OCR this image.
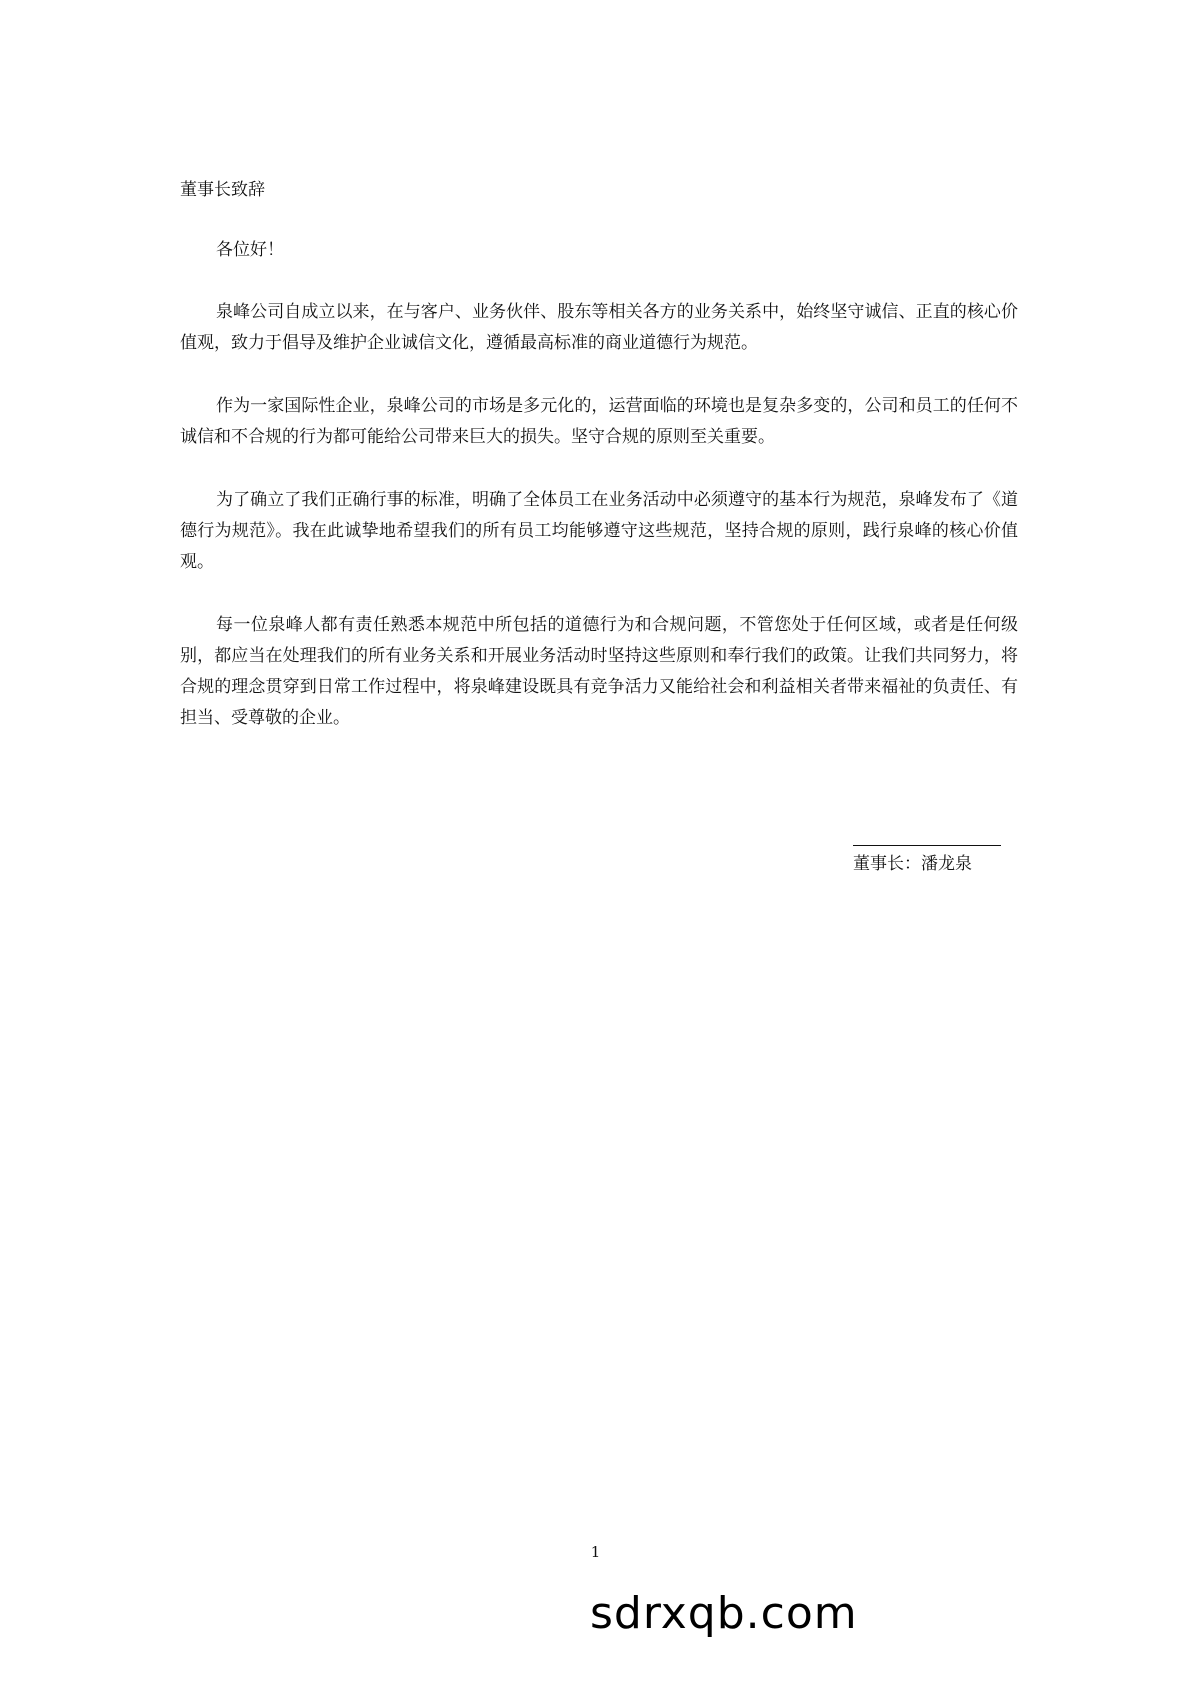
董事长致辞

各位好！

泉峰公司自成立以来，在与客户、业务伙伴、股东等相关各方的业务关系中，始终坚守诚信、正直的核心价值观，致力于倡导及维护企业诚信文化，遵循最高标准的商业道德行为规范。

作为一家国际性企业，泉峰公司的市场是多元化的，运营面临的环境也是复杂多变的，公司和员工的任何不诚信和不合规的行为都可能给公司带来巨大的损失。坚守合规的原则至关重要。

为了确立了我们正确行事的标准，明确了全体员工在业务活动中必须遵守的基本行为规范，泉峰发布了《道德行为规范》。我在此诚挚地希望我们的所有员工均能够遵守这些规范，坚持合规的原则，践行泉峰的核心价值观。

每一位泉峰人都有责任熟悉本规范中所包括的道德行为和合规问题，不管您处于任何区域，或者是任何级别，都应当在处理我们的所有业务关系和开展业务活动时坚持这些原则和奉行我们的政策。让我们共同努力，将合规的理念贯穿到日常工作过程中，将泉峰建设既具有竞争活力又能给社会和利益相关者带来福祉的负责任、有担当、受尊敬的企业。

董事长：潘龙泉
1
sdrxqb.com
